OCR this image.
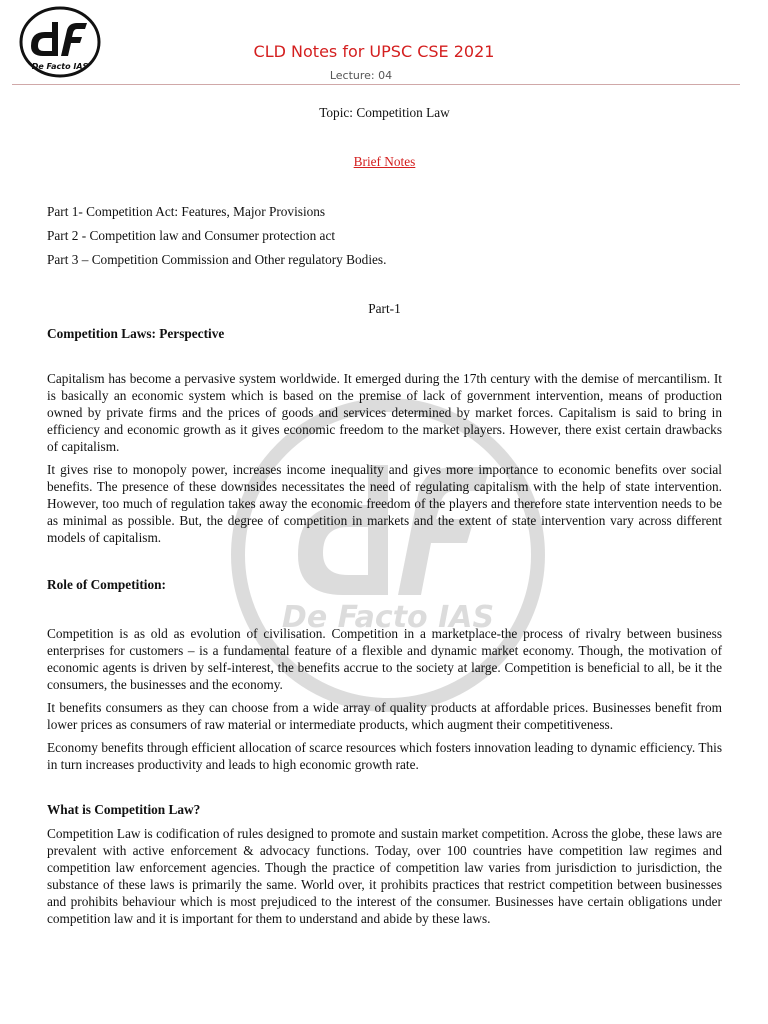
De Facto IAS
CLD Notes for UPSC CSE 2021
Lecture: 04
De Facto IAS
Topic: Competition Law
Brief Notes
Part 1- Competition Act: Features, Major Provisions
Part 2 - Competition law and Consumer protection act
Part 3 – Competition Commission and Other regulatory Bodies.
Part-1
Competition Laws: Perspective

Capitalism has become a pervasive system worldwide. It emerged during the 17th century with the demise of mercantilism. It is basically an economic system which is based on the premise of lack of government intervention, means of production owned by private firms and the prices of goods and services determined by market forces. Capitalism is said to bring in efficiency and economic growth as it gives economic freedom to the market players. However, there exist certain drawbacks of capitalism.

It gives rise to monopoly power, increases income inequality and gives more importance to economic benefits over social benefits. The presence of these downsides necessitates the need of regulating capitalism with the help of state intervention. However, too much of regulation takes away the economic freedom of the players and therefore state intervention needs to be as minimal as possible. But, the degree of competition in markets and the extent of state intervention vary across different models of capitalism.

Role of Competition:

Competition is as old as evolution of civilisation. Competition in a marketplace-the process of rivalry between business enterprises for customers – is a fundamental feature of a flexible and dynamic market economy. Though, the motivation of economic agents is driven by self-interest, the benefits accrue to the society at large. Competition is beneficial to all, be it the consumers, the businesses and the economy.

It benefits consumers as they can choose from a wide array of quality products at affordable prices. Businesses benefit from lower prices as consumers of raw material or intermediate products, which augment their competitiveness.

Economy benefits through efficient allocation of scarce resources which fosters innovation leading to dynamic efficiency. This in turn increases productivity and leads to high economic growth rate.

What is Competition Law?

Competition Law is codification of rules designed to promote and sustain market competition. Across the globe, these laws are prevalent with active enforcement & advocacy functions. Today, over 100 countries have competition law regimes and competition law enforcement agencies. Though the practice of competition law varies from jurisdiction to jurisdiction, the substance of these laws is primarily the same. World over, it prohibits practices that restrict competition between businesses and prohibits behaviour which is most prejudiced to the interest of the consumer. Businesses have certain obligations under competition law and it is important for them to understand and abide by these laws.
